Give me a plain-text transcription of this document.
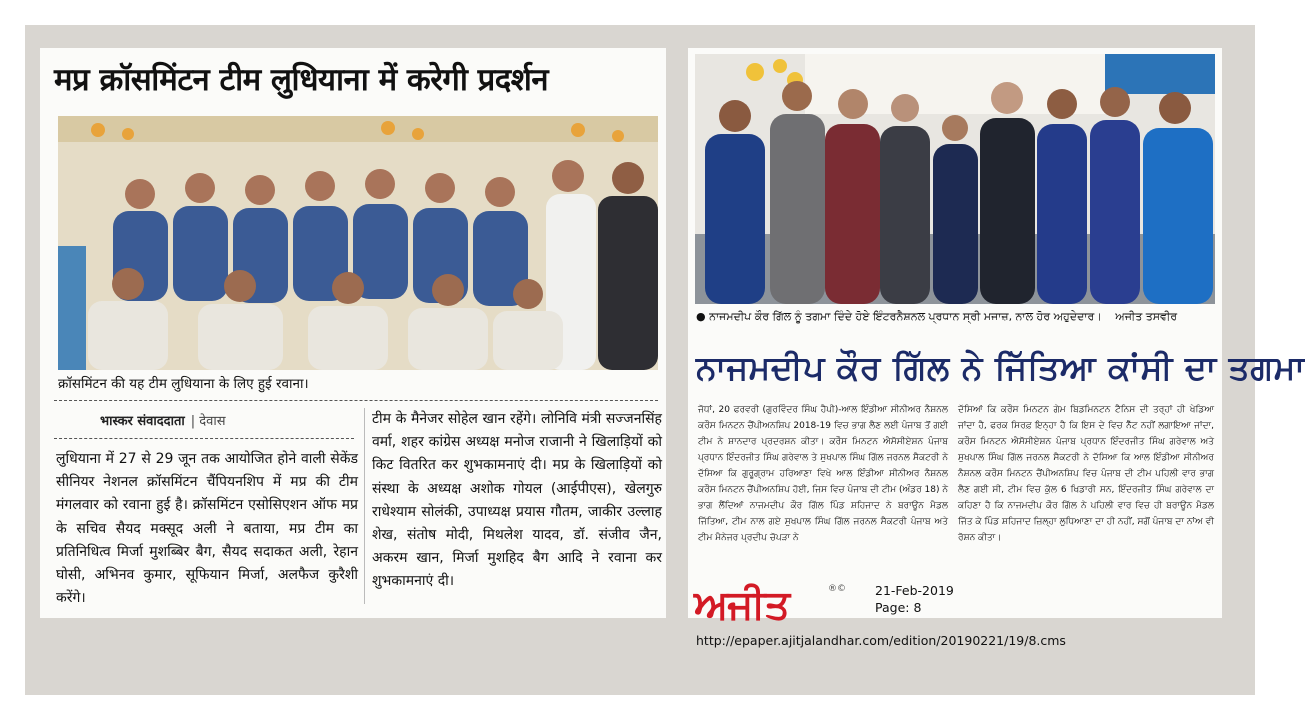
मप्र क्रॉसमिंटन टीम लुधियाना में करेगी प्रदर्शन
क्रॉसमिंटन की यह टीम लुधियाना के लिए हुई रवाना।
भास्कर संवाददाता | देवास
लुधियाना में 27 से 29 जून तक आयोजित होने वाली सेकेंड सीनियर नेशनल क्रॉसमिंटन चैंपियनशिप में मप्र की टीम मंगलवार को रवाना हुई है। क्रॉसमिंटन एसोसिएशन ऑफ मप्र के सचिव सैयद मक्सूद अली ने बताया, मप्र टीम का प्रतिनिधित्व मिर्जा मुशब्बिर बैग, सैयद सदाकत अली, रेहान घोसी, अभिनव कुमार, सूफियान मिर्जा, अलफैज कुरैशी करेंगे।
टीम के मैनेजर सोहेल खान रहेंगे। लोनिवि मंत्री सज्जनसिंह वर्मा, शहर कांग्रेस अध्यक्ष मनोज राजानी ने खिलाड़ियों को किट वितरित कर शुभकामनाएं दी। मप्र के खिलाड़ियों को संस्था के अध्यक्ष अशोक गोयल (आईपीएस), खेलगुरु राधेश्याम सोलंकी, उपाध्यक्ष प्रयास गौतम, जाकीर उल्लाह शेख, संतोष मोदी, मिथलेश यादव, डॉ. संजीव जैन, अकरम खान, मिर्जा मुशहिद बैग आदि ने रवाना कर शुभकामनाएं दी।
● ਨਾਜਮਦੀਪ ਕੌਰ ਗਿੱਲ ਨੂੰ ਤਗਮਾ ਦਿੰਦੇ ਹੋਏ ਇੰਟਰਨੈਸ਼ਨਲ ਪ੍ਰਧਾਨ ਸ੍ਰੀ ਮਜਾਜ਼, ਨਾਲ ਹੋਰ ਅਹੁਦੇਦਾਰ। ਅਜੀਤ ਤਸਵੀਰ
ਨਾਜਮਦੀਪ ਕੌਰ ਗਿੱਲ ਨੇ ਜਿੱਤਿਆ ਕਾਂਸੀ ਦਾ ਤਗਮਾ
ਜੋਧਾਂ, 20 ਫਰਵਰੀ (ਗੁਰਵਿੰਦਰ ਸਿੰਘ ਹੈਪੀ)-ਆਲ ਇੰਡੀਆ ਸੀਨੀਅਰ ਨੈਸ਼ਨਲ ਕਰੌਸ ਮਿਨਟਨ ਚੈਂਪੀਅਨਸ਼ਿਪ 2018-19 ਵਿਚ ਭਾਗ ਲੈਣ ਲਈ ਪੰਜਾਬ ਤੋਂ ਗਈ ਟੀਮ ਨੇ ਸ਼ਾਨਦਾਰ ਪ੍ਰਦਰਸ਼ਨ ਕੀਤਾ। ਕਰੌਸ ਮਿਨਟਨ ਐਸੋਸੀਏਸ਼ਨ ਪੰਜਾਬ ਪ੍ਰਧਾਨ ਇੰਦਰਜੀਤ ਸਿੰਘ ਗਰੇਵਾਲ ਤੇ ਸੁਖਪਾਲ ਸਿੰਘ ਗਿੱਲ ਜਰਨਲ ਸੈਕਟਰੀ ਨੇ ਦੱਸਿਆ ਕਿ ਗੁਰੂਗ੍ਰਾਮ ਹਰਿਆਣਾ ਵਿਖੇ ਆਲ ਇੰਡੀਆ ਸੀਨੀਅਰ ਨੈਸ਼ਨਲ ਕਰੌਸ ਮਿਨਟਨ ਚੈਂਪੀਅਨਸ਼ਿਪ ਹੋਈ, ਜਿਸ ਵਿਚ ਪੰਜਾਬ ਦੀ ਟੀਮ (ਅੰਡਰ 18) ਨੇ ਭਾਗ ਲੈਂਦਿਆਂ ਨਾਜਮਦੀਪ ਕੌਰ ਗਿੱਲ ਪਿੰਡ ਸ਼ਹਿਜਾਦ ਨੇ ਬਰਾਊਨ ਮੈਡਲ ਜਿੱਤਿਆ, ਟੀਮ ਨਾਲ ਗਏ ਸੁਖਪਾਲ ਸਿੰਘ ਗਿੱਲ ਜਰਨਲ ਸੈਕਟਰੀ ਪੰਜਾਬ ਅਤੇ ਟੀਮ ਮੈਨੇਜਰ ਪ੍ਰਦੀਪ ਚੋਪੜਾ ਨੇ
ਦੱਸਿਆਂ ਕਿ ਕਰੌਸ ਮਿਨਟਨ ਗੇਮ ਬਿਡਮਿਨਟਨ ਟੈਨਿਸ ਦੀ ਤਰ੍ਹਾਂ ਹੀ ਖੇਡਿਆ ਜਾਂਦਾ ਹੈ, ਫਰਕ ਸਿਰਫ਼ ਇਨ੍ਹਾ ਹੈ ਕਿ ਇਸ ਦੇ ਵਿਚ ਨੈੱਟ ਨਹੀਂ ਲਗਾਇਆ ਜਾਂਦਾ, ਕਰੌਸ ਮਿਨਟਨ ਐਸੋਸੀਏਸ਼ਨ ਪੰਜਾਬ ਪ੍ਰਧਾਨ ਇੰਦਰਜੀਤ ਸਿੰਘ ਗਰੇਵਾਲ ਅਤੇ ਸੁਖਪਾਲ ਸਿੰਘ ਗਿੱਲ ਜਰਨਲ ਸੈਕਟਰੀ ਨੇ ਦੱਸਿਆ ਕਿ ਆਲ ਇੰਡੀਆ ਸੀਨੀਅਰ ਨੈਸ਼ਨਲ ਕਰੌਸ ਮਿਨਟਨ ਚੈਂਪੀਅਨਸ਼ਿਪ ਵਿਚ ਪੰਜਾਬ ਦੀ ਟੀਮ ਪਹਿਲੀ ਵਾਰ ਭਾਗ ਲੈਣ ਗਈ ਸੀ, ਟੀਮ ਵਿਚ ਕੁੱਲ 6 ਖਿਡਾਰੀ ਸਨ, ਇੰਦਰਜੀਤ ਸਿੰਘ ਗਰੇਵਾਲ ਦਾ ਕਹਿਣਾ ਹੈ ਕਿ ਨਾਜਮਦੀਪ ਕੌਰ ਗਿੱਲ ਨੇ ਪਹਿਲੀ ਵਾਰ ਵਿਚ ਹੀ ਬਰਾਊਨ ਮੈਡਲ ਜਿੱਤ ਕੇ ਪਿੰਡ ਸ਼ਹਿਜਾਦ ਜ਼ਿਲ੍ਹਾ ਲੁਧਿਆਣਾ ਦਾ ਹੀ ਨਹੀਂ, ਸਗੋਂ ਪੰਜਾਬ ਦਾ ਨਾਂਅ ਵੀ ਰੋਸ਼ਨ ਕੀਤਾ।
ਅਜੀਤ	®© 21-Feb-2019
Page: 8
http://epaper.ajitjalandhar.com/edition/20190221/19/8.cms
